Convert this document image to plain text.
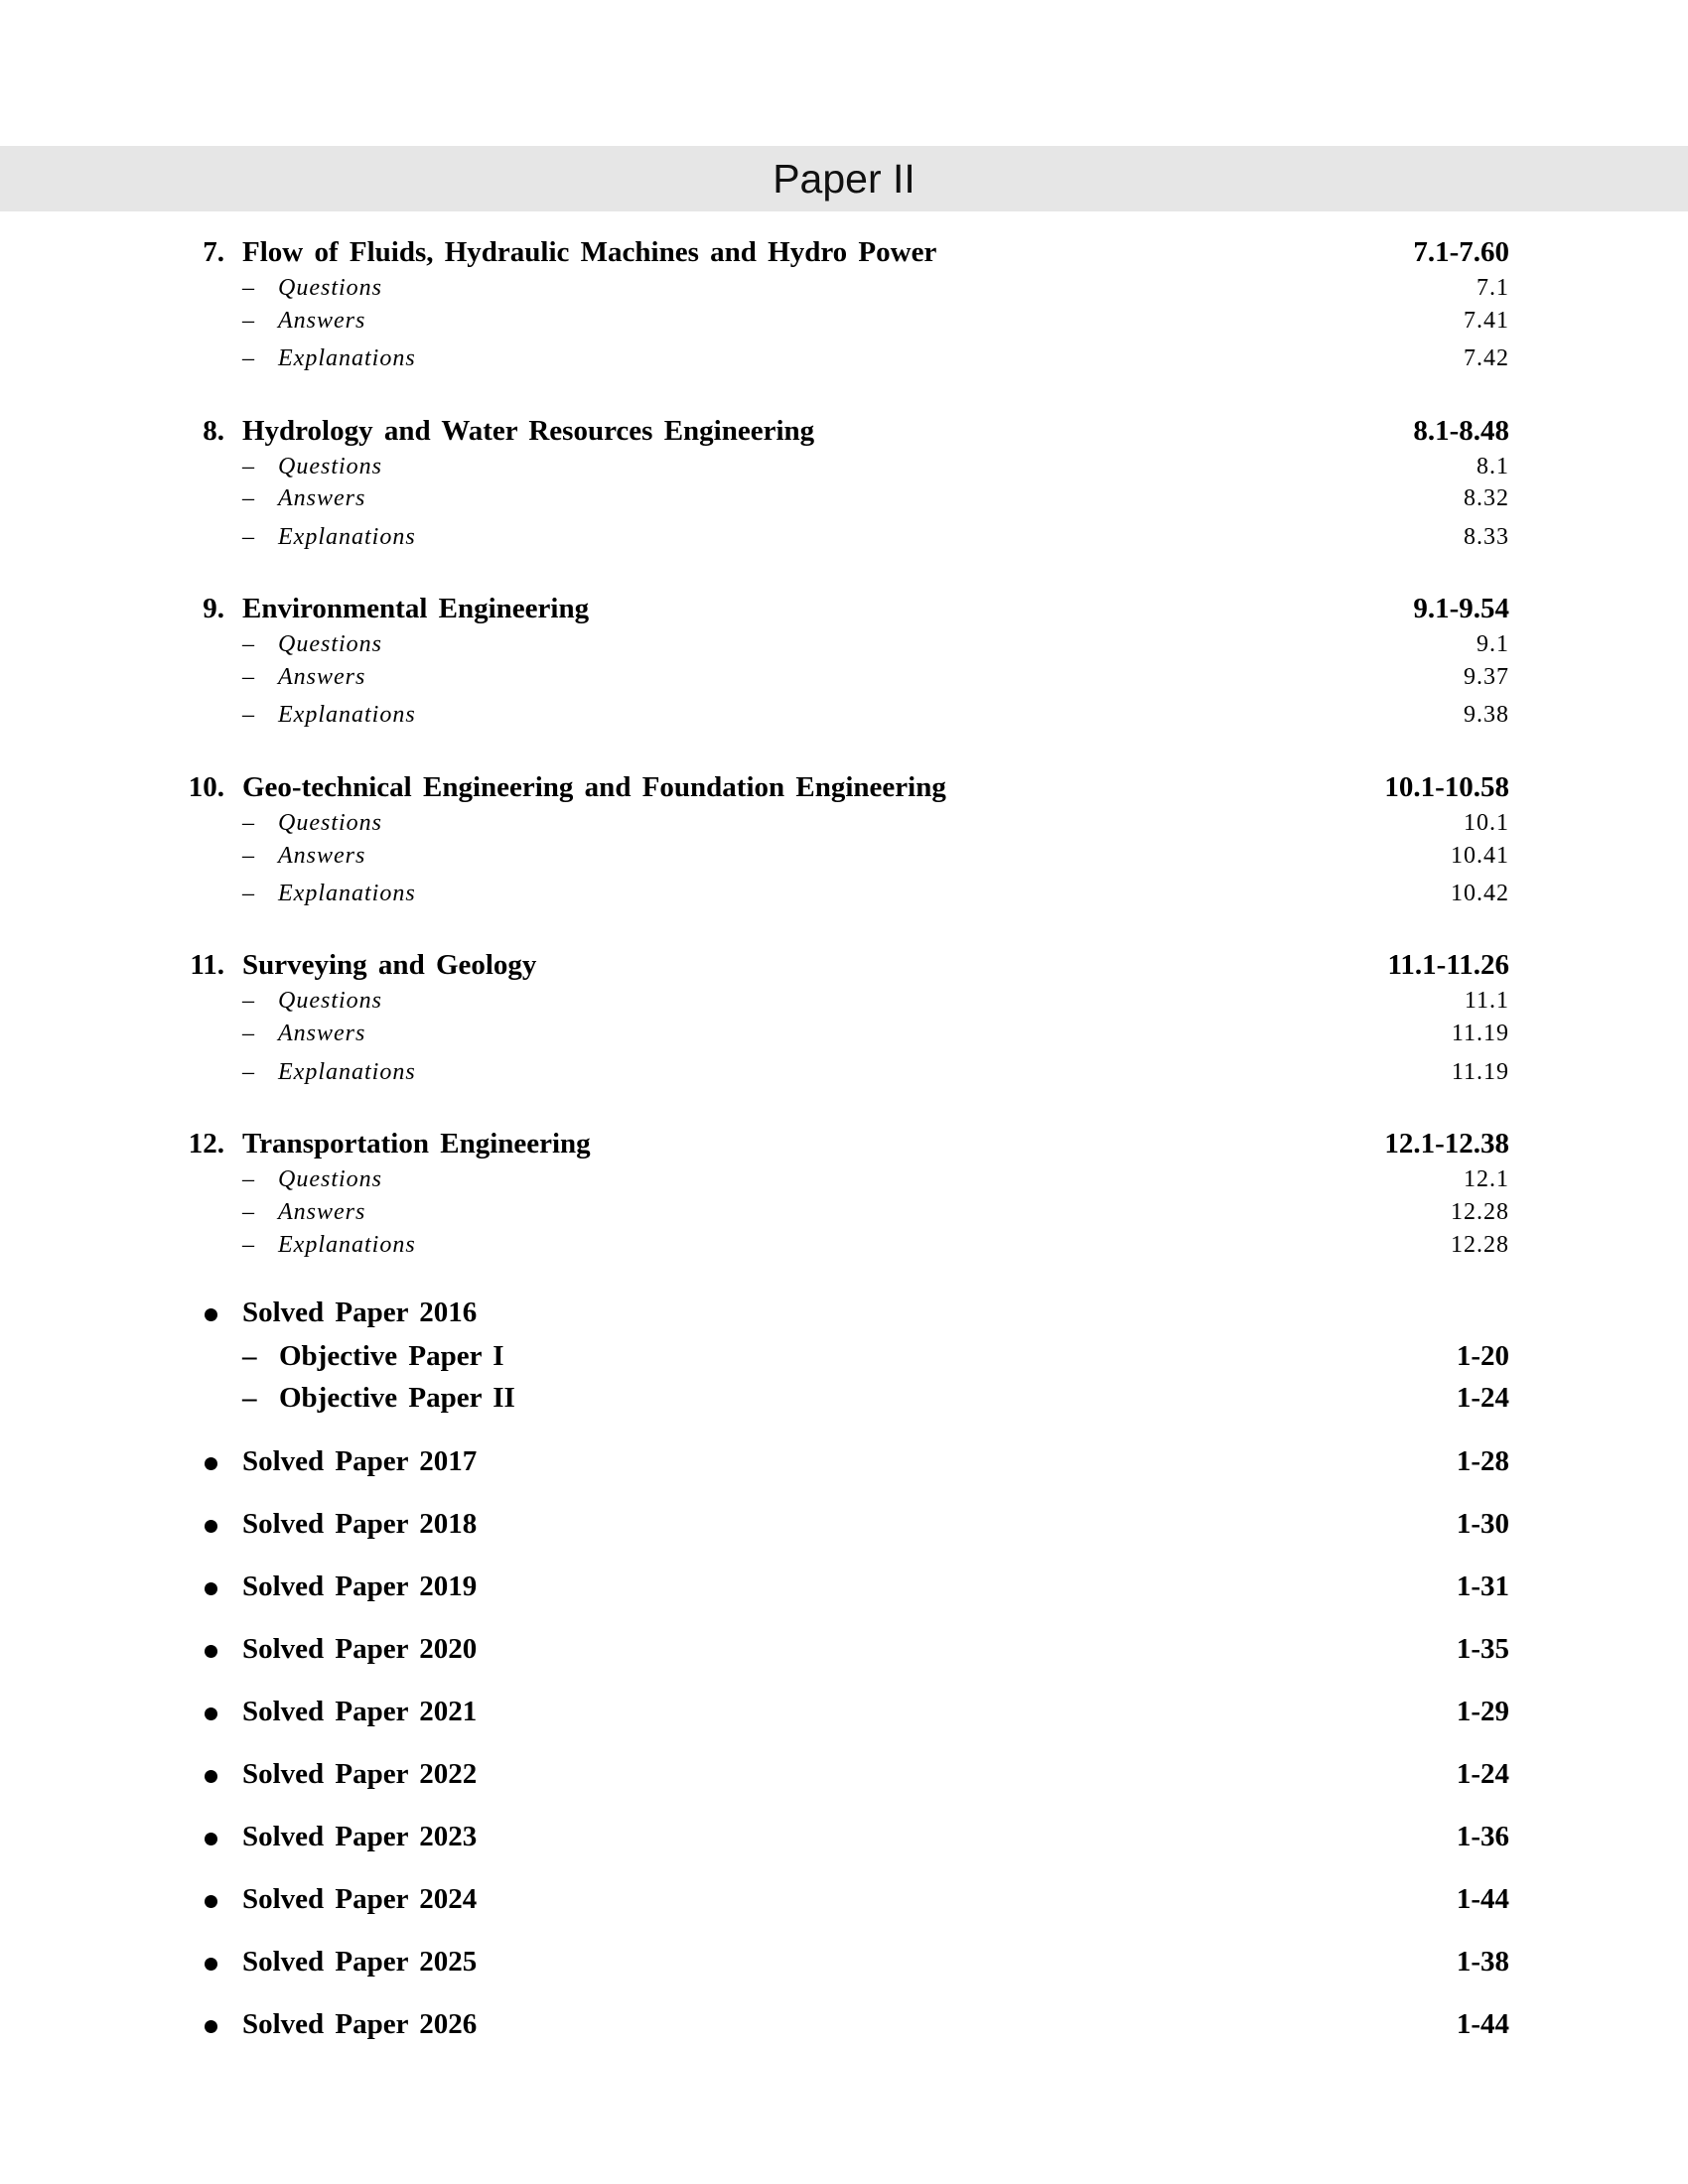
Paper II
7. Flow of Fluids, Hydraulic Machines and Hydro Power	7.1-7.60
– Questions	7.1
– Answers	7.41
– Explanations	7.42
8. Hydrology and Water Resources Engineering	8.1-8.48
– Questions	8.1
– Answers	8.32
– Explanations	8.33
9. Environmental Engineering	9.1-9.54
– Questions	9.1
– Answers	9.37
– Explanations	9.38
10. Geo-technical Engineering and Foundation Engineering	10.1-10.58
– Questions	10.1
– Answers	10.41
– Explanations	10.42
11. Surveying and Geology	11.1-11.26
– Questions	11.1
– Answers	11.19
– Explanations	11.19
12. Transportation Engineering	12.1-12.38
– Questions	12.1
– Answers	12.28
– Explanations	12.28
Solved Paper 2016
– Objective Paper I	1-20
– Objective Paper II	1-24
Solved Paper 2017	1-28
Solved Paper 2018	1-30
Solved Paper 2019	1-31
Solved Paper 2020	1-35
Solved Paper 2021	1-29
Solved Paper 2022	1-24
Solved Paper 2023	1-36
Solved Paper 2024	1-44
Solved Paper 2025	1-38
Solved Paper 2026	1-44
